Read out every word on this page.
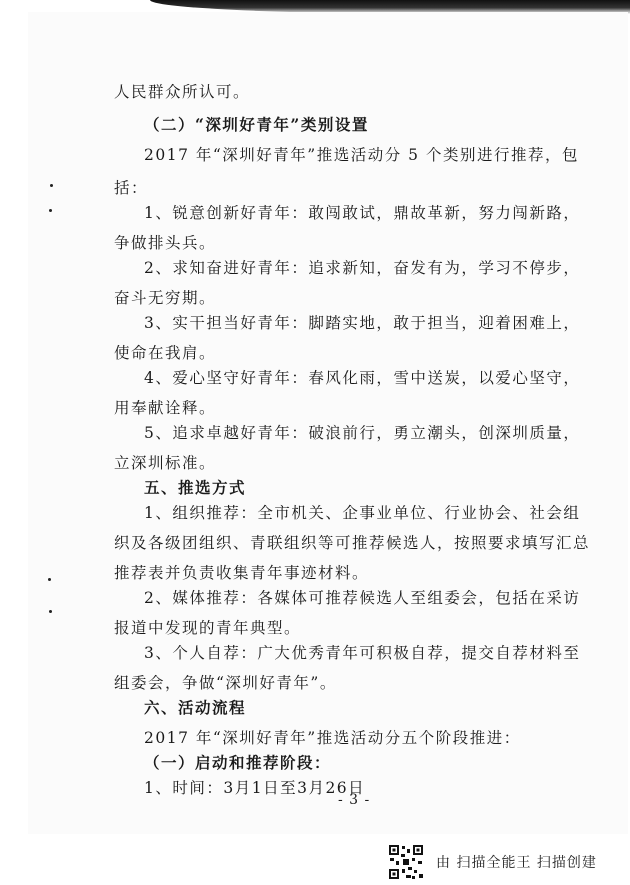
人民群众所认可。
（二）“深圳好青年”类别设置
2017 年“深圳好青年”推选活动分 5 个类别进行推荐，包
括：
1、锐意创新好青年：敢闯敢试，鼎故革新，努力闯新路，
争做排头兵。
2、求知奋进好青年：追求新知，奋发有为，学习不停步，
奋斗无穷期。
3、实干担当好青年：脚踏实地，敢于担当，迎着困难上，
使命在我肩。
4、爱心坚守好青年：春风化雨，雪中送炭，以爱心坚守，
用奉献诠释。
5、追求卓越好青年：破浪前行，勇立潮头，创深圳质量，
立深圳标准。
五、推选方式
1、组织推荐：全市机关、企事业单位、行业协会、社会组
织及各级团组织、青联组织等可推荐候选人，按照要求填写汇总
推荐表并负责收集青年事迹材料。
2、媒体推荐：各媒体可推荐候选人至组委会，包括在采访
报道中发现的青年典型。
3、个人自荐：广大优秀青年可积极自荐，提交自荐材料至
组委会，争做“深圳好青年”。
六、活动流程
2017 年“深圳好青年”推选活动分五个阶段推进：
（一）启动和推荐阶段：
1、时间：3月1日至3月26日
- 3 -
由 扫描全能王 扫描创建
